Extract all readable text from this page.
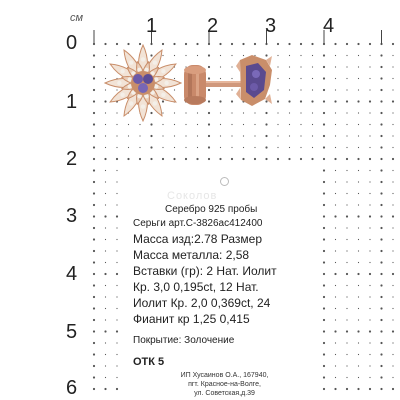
см	1 2 3 4
0
1
2
3
4
5
6
Соколов
Серебро 925 пробы
Серьги арт.С-3826ас412400
Масса изд:2.78 Размер
Масса металла: 2,58
Вставки (гр): 2 Нат. Иолит
Кр. 3,0 0,195ct, 12 Нат.
Иолит Кр. 2,0 0,369ct, 24
Фианит кр 1,25 0,415
Покрытие: Золочение
ОТК 5
ИП Хусаинов О.А., 167940,
пгт. Красное-на-Волге,
ул. Советская,д.39
